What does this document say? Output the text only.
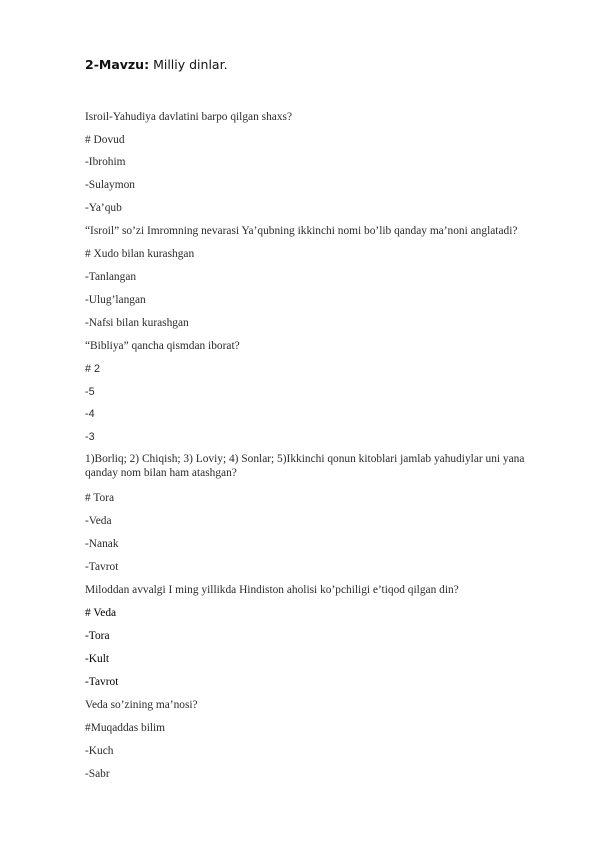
2-Mavzu: Milliy dinlar.
Isroil-Yahudiya davlatini barpo qilgan shaxs?
# Dovud
-Ibrohim
-Sulaymon
-Ya’qub
“Isroil” so’zi Imromning nevarasi Ya’qubning ikkinchi nomi bo’lib qanday ma’noni anglatadi?
# Xudo bilan kurashgan
-Tanlangan
-Ulug’langan
-Nafsi bilan kurashgan
“Bibliya” qancha qismdan iborat?
# 2
-5
-4
-3
1)Borliq; 2) Chiqish; 3) Loviy; 4) Sonlar; 5)Ikkinchi qonun kitoblari jamlab yahudiylar uni yana qanday nom bilan ham atashgan?
# Tora
-Veda
-Nanak
-Tavrot
Miloddan avvalgi I ming yillikda Hindiston aholisi ko’pchiligi e’tiqod qilgan din?
# Veda
-Tora
-Kult
-Tavrot
Veda so’zining ma’nosi?
#Muqaddas bilim
-Kuch
-Sabr
